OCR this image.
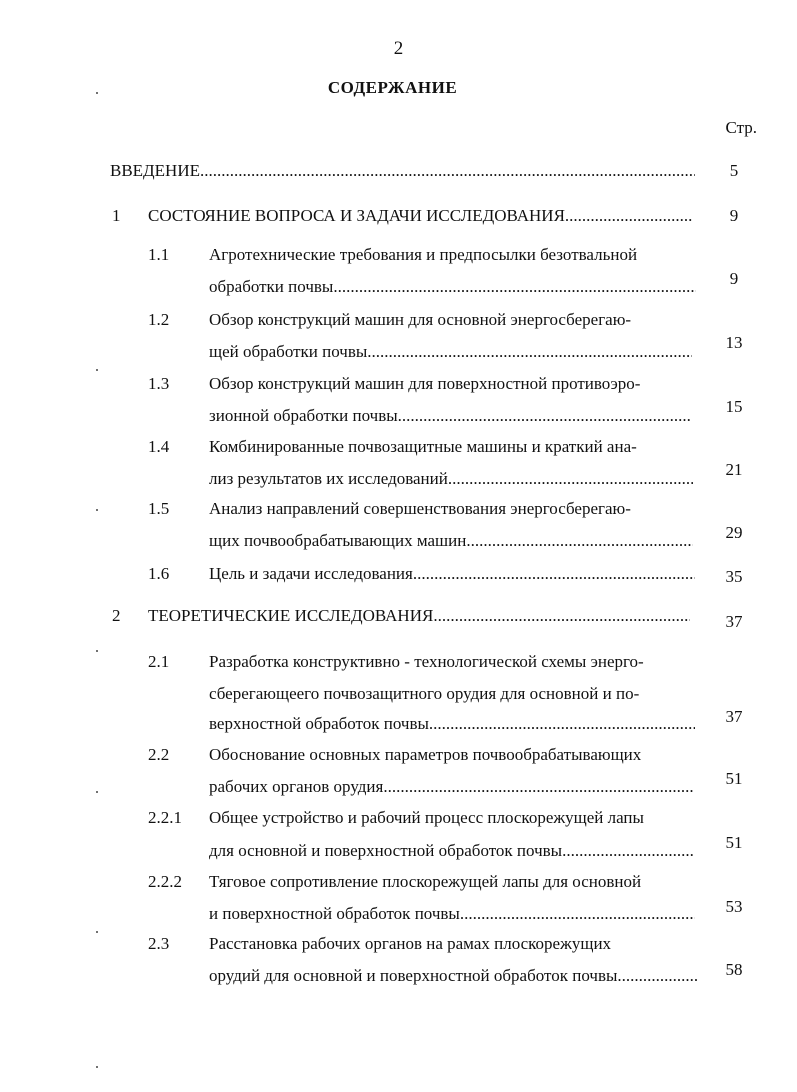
2
СОДЕРЖАНИЕ
Стр.
ВВЕДЕНИЕ .....	5
1 СОСТОЯНИЕ ВОПРОСА И ЗАДАЧИ ИССЛЕДОВАНИЯ .....	9
1.1 Агротехнические требования и предпосылки безотвальной
обработки почвы .....	9
1.2 Обзор конструкций машин для основной энергосберегаю-
щей обработки почвы .....	13
1.3 Обзор конструкций машин для поверхностной противоэро-
зионной обработки почвы .....	15
1.4 Комбинированные почвозащитные машины и краткий ана-
лиз результатов их исследований .....	21
1.5 Анализ направлений совершенствования энергосберегаю-
щих почвообрабатывающих машин .....	29
1.6 Цель и задачи исследования .....	35
2 ТЕОРЕТИЧЕСКИЕ ИССЛЕДОВАНИЯ .....	37
2.1 Разработка конструктивно - технологической схемы энерго-
сберегающеего почвозащитного орудия для основной и по-
верхностной обработок почвы .....	37
2.2 Обоснование основных параметров почвообрабатывающих
рабочих органов орудия .....	51
2.2.1 Общее устройство и рабочий процесс плоскорежущей лапы
для основной и поверхностной обработок почвы .....	51
2.2.2 Тяговое сопротивление плоскорежущей лапы для основной
и поверхностной обработок почвы .....	53
2.3 Расстановка рабочих органов на рамах плоскорежущих
орудий для основной и поверхностной обработок почвы .....	58
